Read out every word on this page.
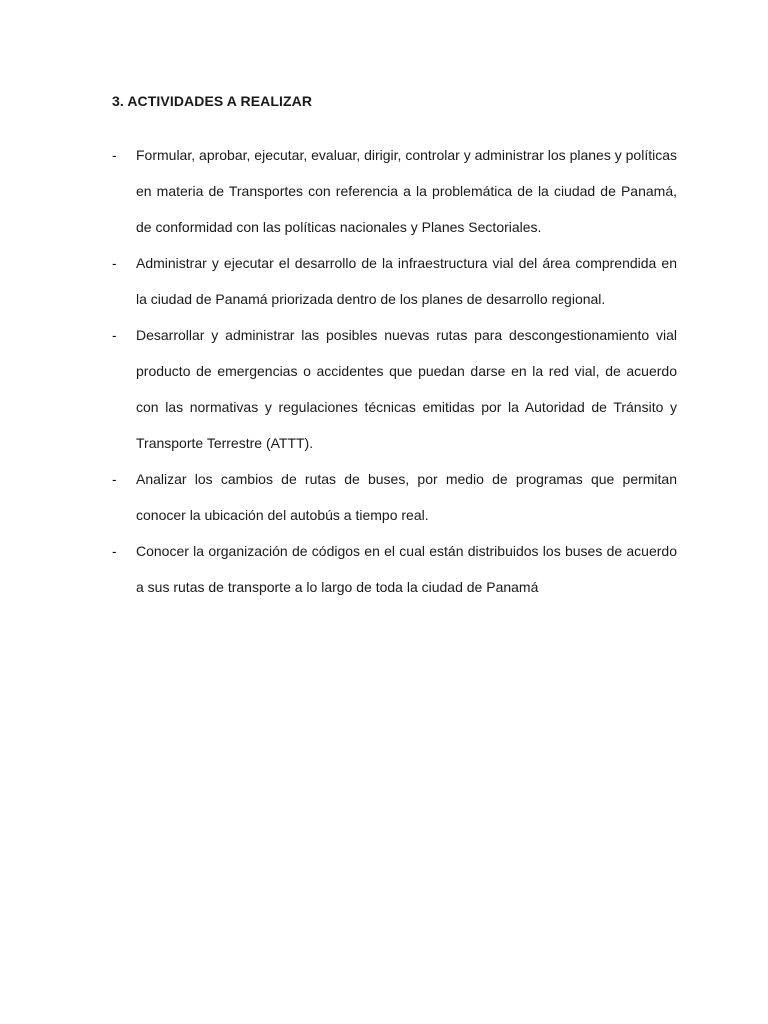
3. ACTIVIDADES A REALIZAR
- Formular, aprobar, ejecutar, evaluar, dirigir, controlar y administrar los planes y políticas en materia de Transportes con referencia a la problemática de la ciudad de Panamá, de conformidad con las políticas nacionales y Planes Sectoriales.
- Administrar y ejecutar el desarrollo de la infraestructura vial del área comprendida en la ciudad de Panamá priorizada dentro de los planes de desarrollo regional.
- Desarrollar y administrar las posibles nuevas rutas para descongestionamiento vial producto de emergencias o accidentes que puedan darse en la red vial, de acuerdo con las normativas y regulaciones técnicas emitidas por la Autoridad de Tránsito y Transporte Terrestre (ATTT).
- Analizar los cambios de rutas de buses, por medio de programas que permitan conocer la ubicación del autobús a tiempo real.
- Conocer la organización de códigos en el cual están distribuidos los buses de acuerdo a sus rutas de transporte a lo largo de toda la ciudad de Panamá
